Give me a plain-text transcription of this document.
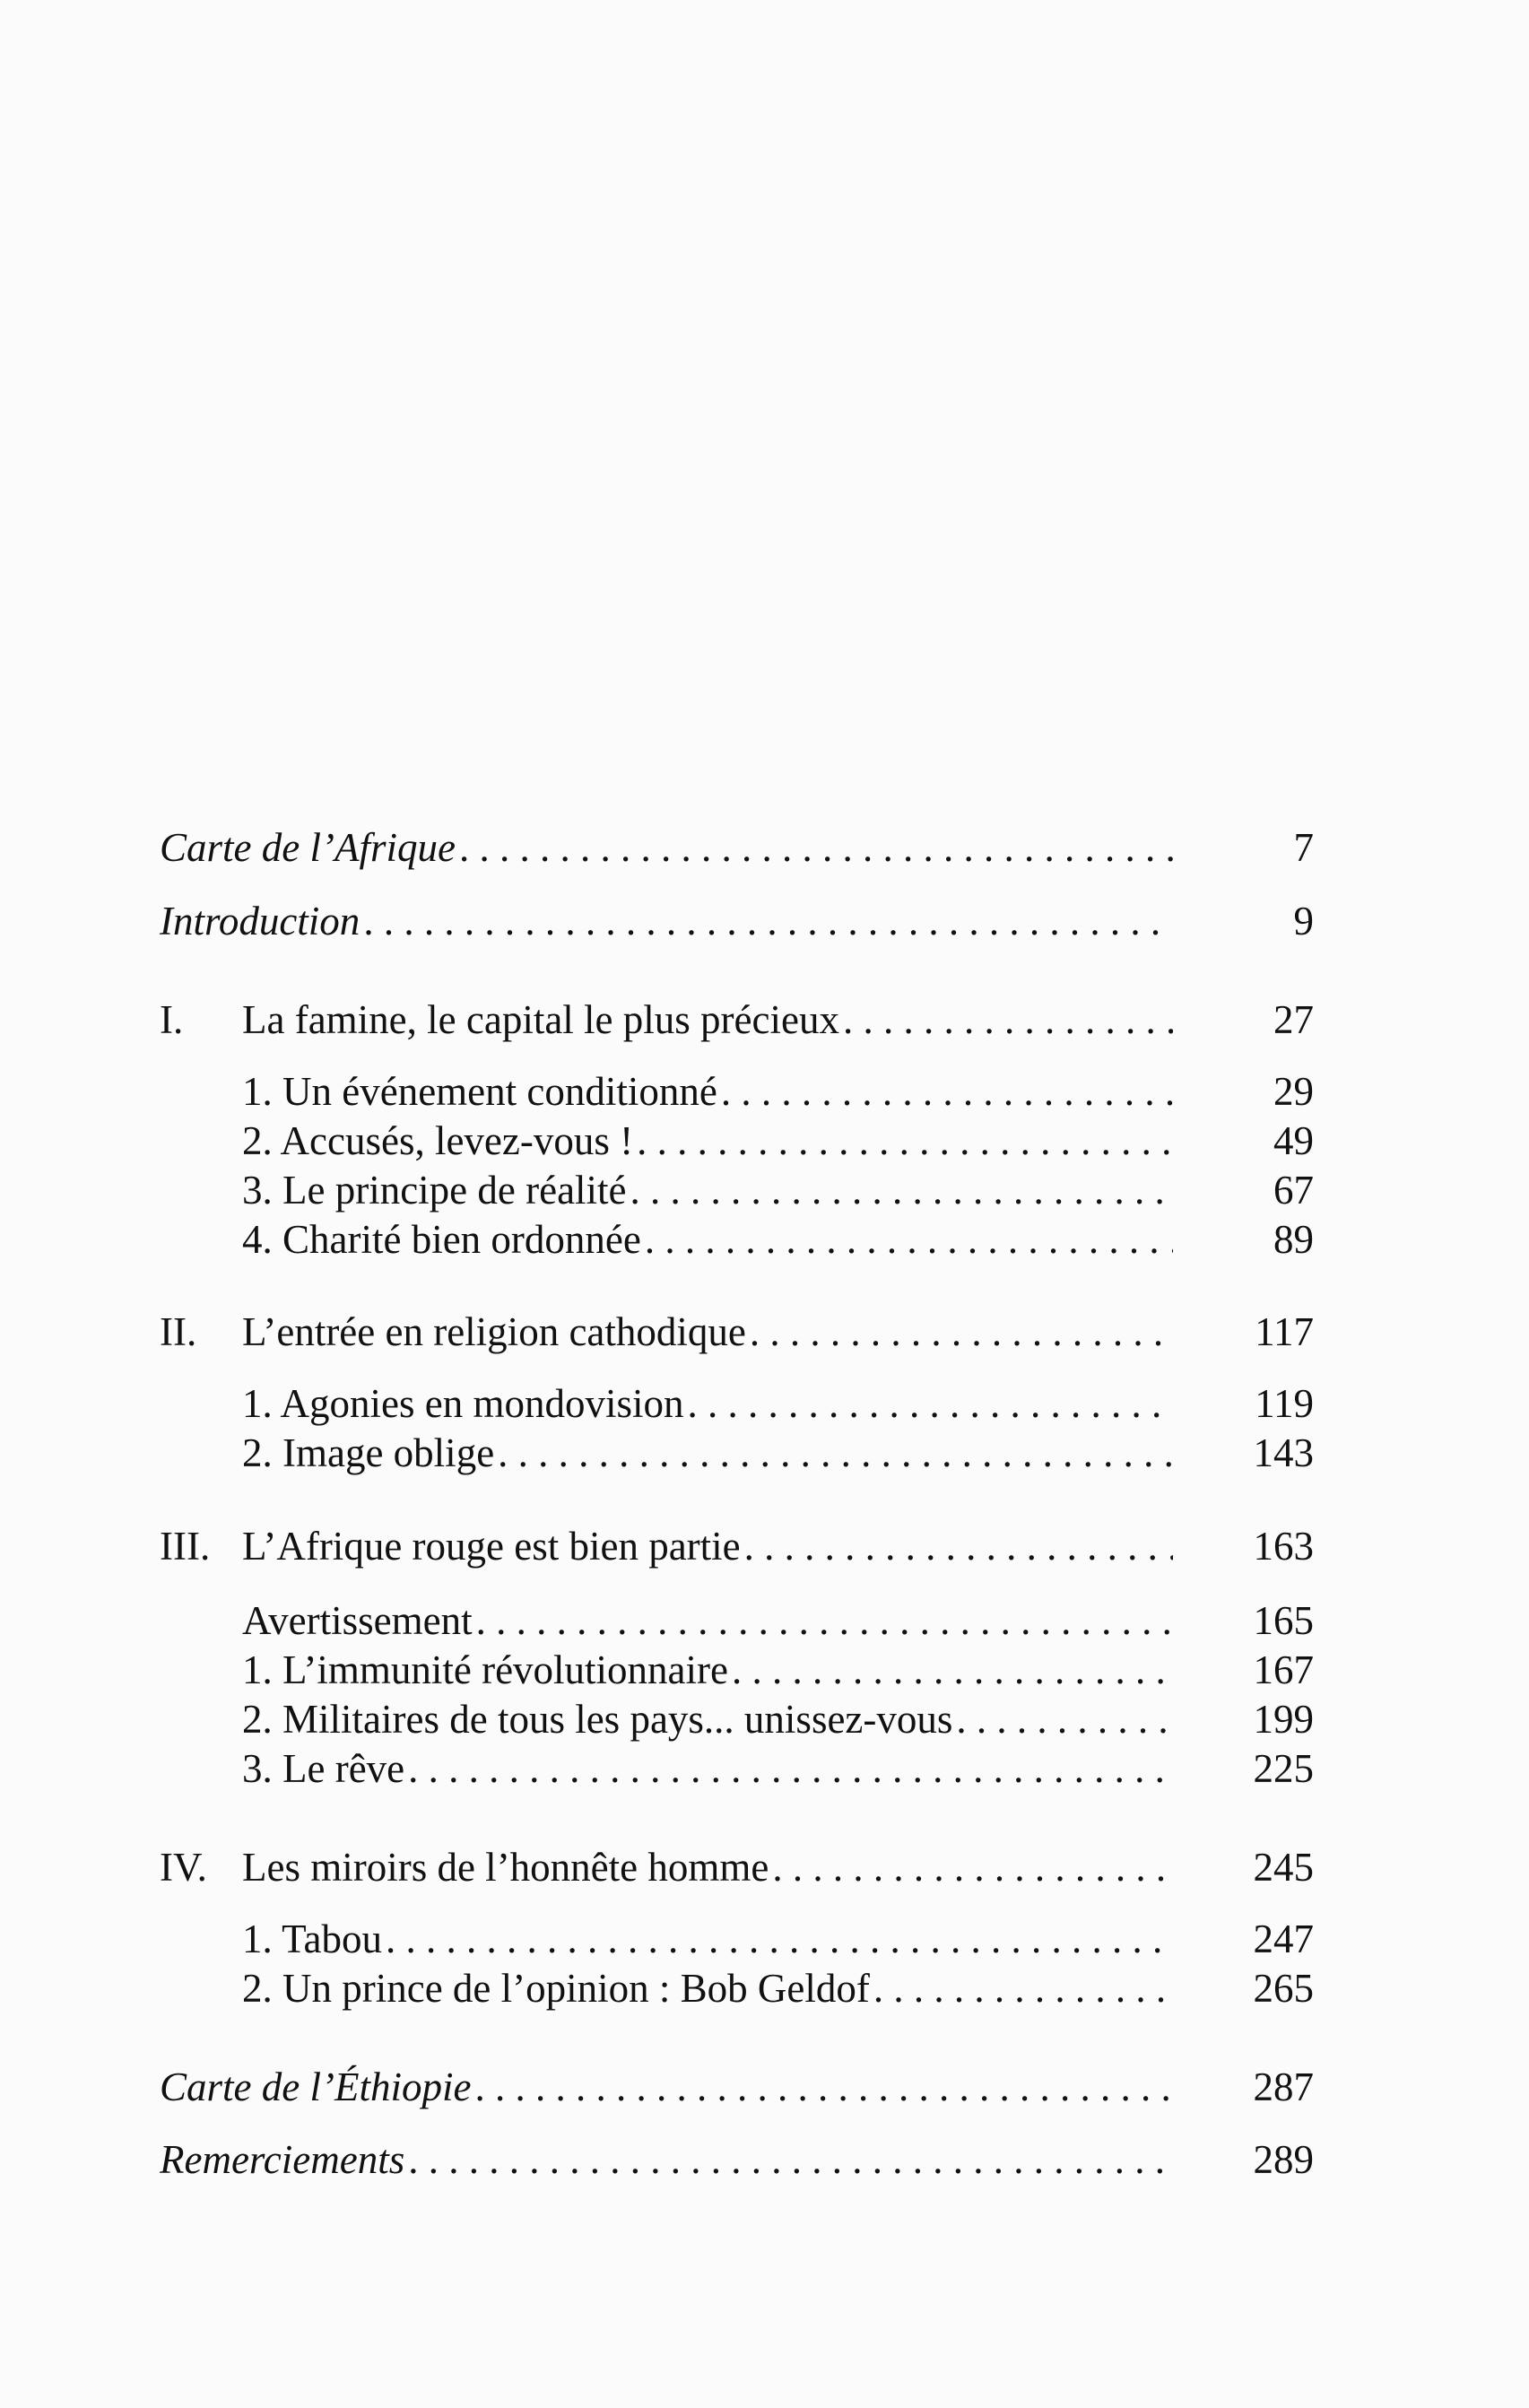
Carte de l’Afrique . . .	7
Introduction . . .	9
I. La famine, le capital le plus précieux . . .	27
1. Un événement conditionné . . .	29
2. Accusés, levez-vous ! . . .	49
3. Le principe de réalité . . .	67
4. Charité bien ordonnée . . .	89
II. L’entrée en religion cathodique . . .	117
1. Agonies en mondovision . . .	119
2. Image oblige . . .	143
III. L’Afrique rouge est bien partie . . .	163
Avertissement . . .	165
1. L’immunité révolutionnaire . . .	167
2. Militaires de tous les pays... unissez-vous . . .	199
3. Le rêve . . .	225
IV. Les miroirs de l’honnête homme . . .	245
1. Tabou . . .	247
2. Un prince de l’opinion : Bob Geldof . . .	265
Carte de l’Éthiopie . . .	287
Remerciements . . .	289
